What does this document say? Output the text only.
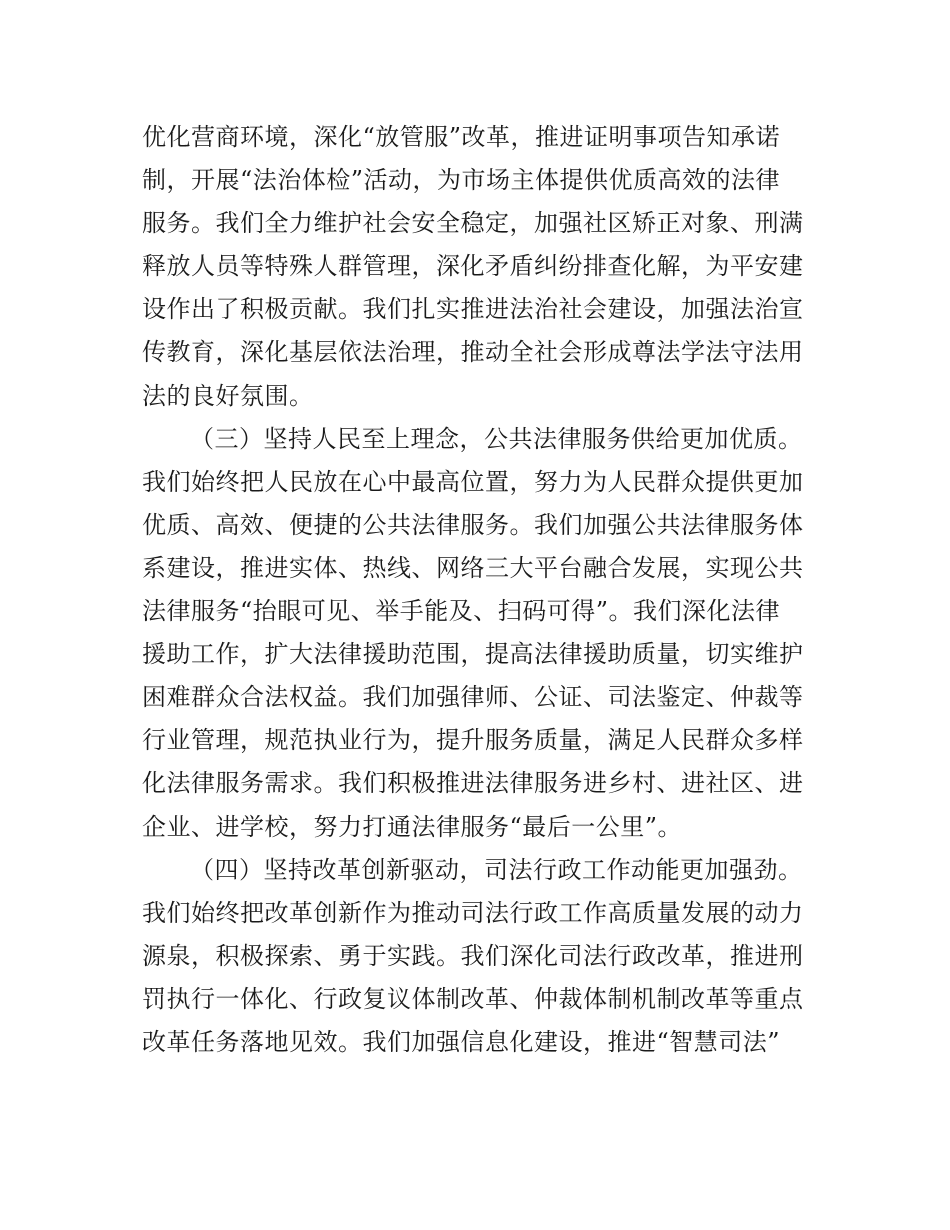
优化营商环境，深化“放管服”改革，推进证明事项告知承诺
制，开展“法治体检”活动，为市场主体提供优质高效的法律
服务。我们全力维护社会安全稳定，加强社区矫正对象、刑满
释放人员等特殊人群管理，深化矛盾纠纷排查化解，为平安建
设作出了积极贡献。我们扎实推进法治社会建设，加强法治宣
传教育，深化基层依法治理，推动全社会形成尊法学法守法用
法的良好氛围。
（三）坚持人民至上理念，公共法律服务供给更加优质。
我们始终把人民放在心中最高位置，努力为人民群众提供更加
优质、高效、便捷的公共法律服务。我们加强公共法律服务体
系建设，推进实体、热线、网络三大平台融合发展，实现公共
法律服务“抬眼可见、举手能及、扫码可得”。我们深化法律
援助工作，扩大法律援助范围，提高法律援助质量，切实维护
困难群众合法权益。我们加强律师、公证、司法鉴定、仲裁等
行业管理，规范执业行为，提升服务质量，满足人民群众多样
化法律服务需求。我们积极推进法律服务进乡村、进社区、进
企业、进学校，努力打通法律服务“最后一公里”。
（四）坚持改革创新驱动，司法行政工作动能更加强劲。
我们始终把改革创新作为推动司法行政工作高质量发展的动力
源泉，积极探索、勇于实践。我们深化司法行政改革，推进刑
罚执行一体化、行政复议体制改革、仲裁体制机制改革等重点
改革任务落地见效。我们加强信息化建设，推进“智慧司法”
